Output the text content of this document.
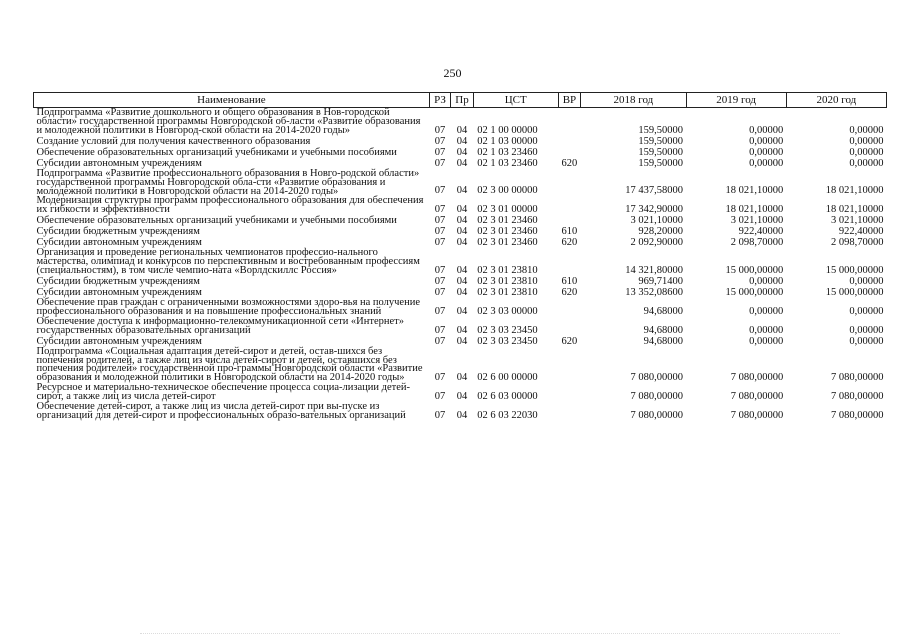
250
Наименование	РЗ	Пр	ЦСТ	ВР	2018 год	2019 год	2020 год
Подпрограмма «Развитие дошкольного и общего образования в Нов-городской области» государственной программы Новгородской об-ласти «Развитие образования и молодежной политики в Новгород-ской области на 2014-2020 годы»	07	04	02 1 00 00000		159,50000	0,00000	0,00000
Создание условий для получения качественного образования	07	04	02 1 03 00000		159,50000	0,00000	0,00000
Обеспечение образовательных организаций учебниками и учебными пособиями	07	04	02 1 03 23460		159,50000	0,00000	0,00000
Субсидии автономным учреждениям	07	04	02 1 03 23460	620	159,50000	0,00000	0,00000
Подпрограмма «Развитие профессионального образования в Новго-родской области» государственной программы Новгородской обла-сти «Развитие образования и молодежной политики в Новгородской области на 2014-2020 годы»	07	04	02 3 00 00000		17 437,58000	18 021,10000	18 021,10000
Модернизация структуры программ профессионального образования для обеспечения их гибкости и эффективности	07	04	02 3 01 00000		17 342,90000	18 021,10000	18 021,10000
Обеспечение образовательных организаций учебниками и учебными пособиями	07	04	02 3 01 23460		3 021,10000	3 021,10000	3 021,10000
Субсидии бюджетным учреждениям	07	04	02 3 01 23460	610	928,20000	922,40000	922,40000
Субсидии автономным учреждениям	07	04	02 3 01 23460	620	2 092,90000	2 098,70000	2 098,70000
Организация и проведение региональных чемпионатов профессио-нального мастерства, олимпиад и конкурсов по перспективным и востребованным профессиям (специальностям), в том числе чемпио-ната «Ворлдскиллс Россия»	07	04	02 3 01 23810		14 321,80000	15 000,00000	15 000,00000
Субсидии бюджетным учреждениям	07	04	02 3 01 23810	610	969,71400	0,00000	0,00000
Субсидии автономным учреждениям	07	04	02 3 01 23810	620	13 352,08600	15 000,00000	15 000,00000
Обеспечение прав граждан с ограниченными возможностями здоро-вья на получение профессионального образования и на повышение профессиональных знаний	07	04	02 3 03 00000		94,68000	0,00000	0,00000
Обеспечение доступа к информационно-телекоммуникационной сети «Интернет» государственных образовательных организаций	07	04	02 3 03 23450		94,68000	0,00000	0,00000
Субсидии автономным учреждениям	07	04	02 3 03 23450	620	94,68000	0,00000	0,00000
Подпрограмма «Социальная адаптация детей-сирот и детей, остав-шихся без попечения родителей, а также лиц из числа детей-сирот и детей, оставшихся без попечения родителей» государственной про-граммы Новгородской области «Развитие образования и молодежной политики в Новгородской области на 2014-2020 годы»	07	04	02 6 00 00000		7 080,00000	7 080,00000	7 080,00000
Ресурсное и материально-техническое обеспечение процесса социа-лизации детей-сирот, а также лиц из числа детей-сирот	07	04	02 6 03 00000		7 080,00000	7 080,00000	7 080,00000
Обеспечение детей-сирот, а также лиц из числа детей-сирот при вы-пуске из организаций для детей-сирот и профессиональных образо-вательных организаций	07	04	02 6 03 22030		7 080,00000	7 080,00000	7 080,00000
